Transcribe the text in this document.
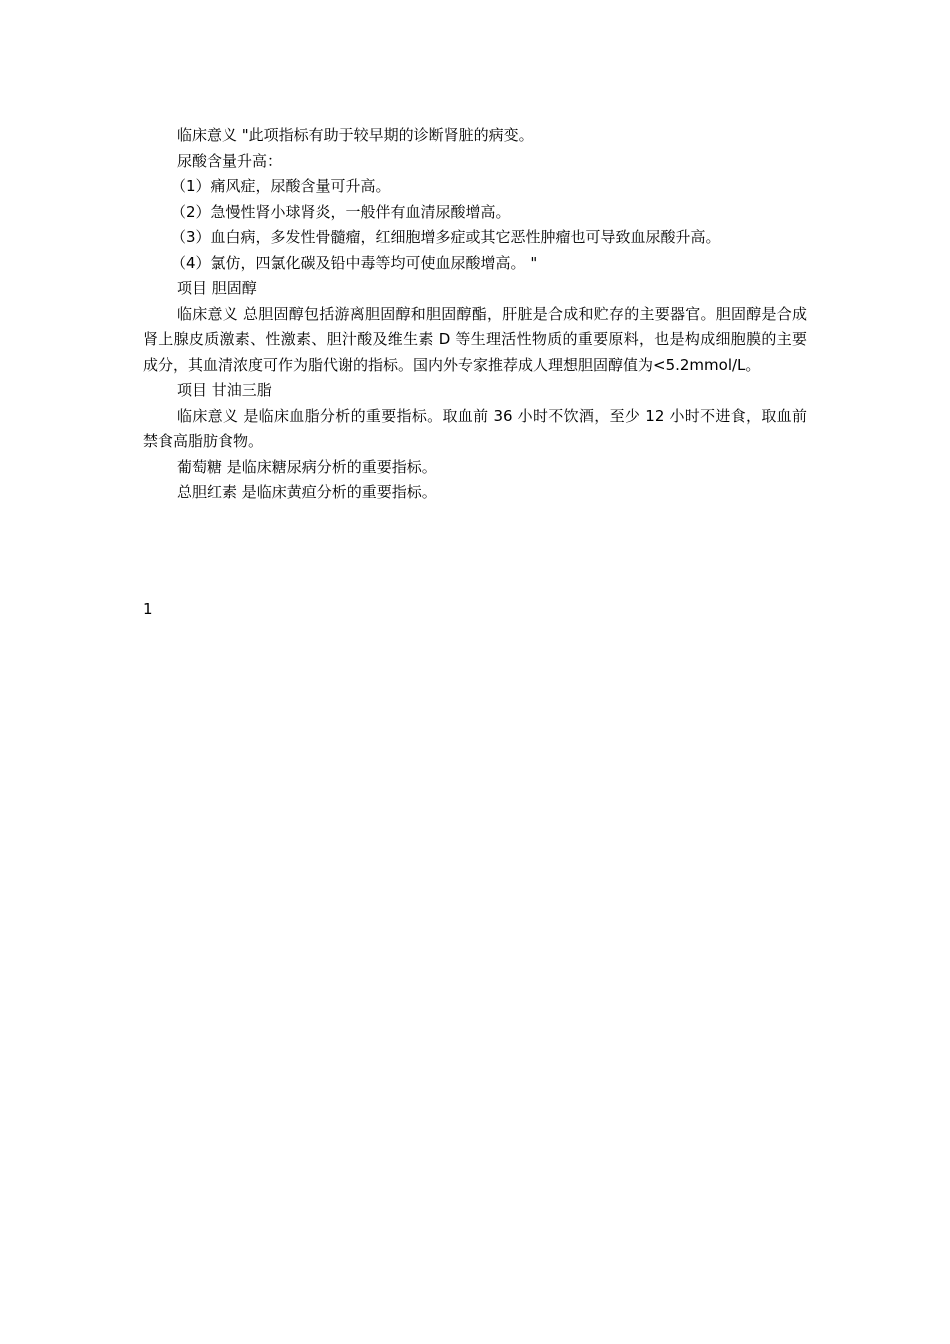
临床意义 "此项指标有助于较早期的诊断肾脏的病变。

尿酸含量升高：

（1）痛风症，尿酸含量可升高。

（2）急慢性肾小球肾炎，一般伴有血清尿酸增高。

（3）血白病，多发性骨髓瘤，红细胞增多症或其它恶性肿瘤也可导致血尿酸升高。

（4）氯仿，四氯化碳及铅中毒等均可使血尿酸增高。 "

项目 胆固醇

临床意义 总胆固醇包括游离胆固醇和胆固醇酯，肝脏是合成和贮存的主要器官。胆固醇是合成肾上腺皮质激素、性激素、胆汁酸及维生素 D 等生理活性物质的重要原料，也是构成细胞膜的主要成分，其血清浓度可作为脂代谢的指标。国内外专家推荐成人理想胆固醇值为<5.2mmol/L。

项目 甘油三脂

临床意义 是临床血脂分析的重要指标。取血前 36 小时不饮酒，至少 12 小时不进食，取血前禁食高脂肪食物。

葡萄糖 是临床糖尿病分析的重要指标。

总胆红素 是临床黄疸分析的重要指标。

1
